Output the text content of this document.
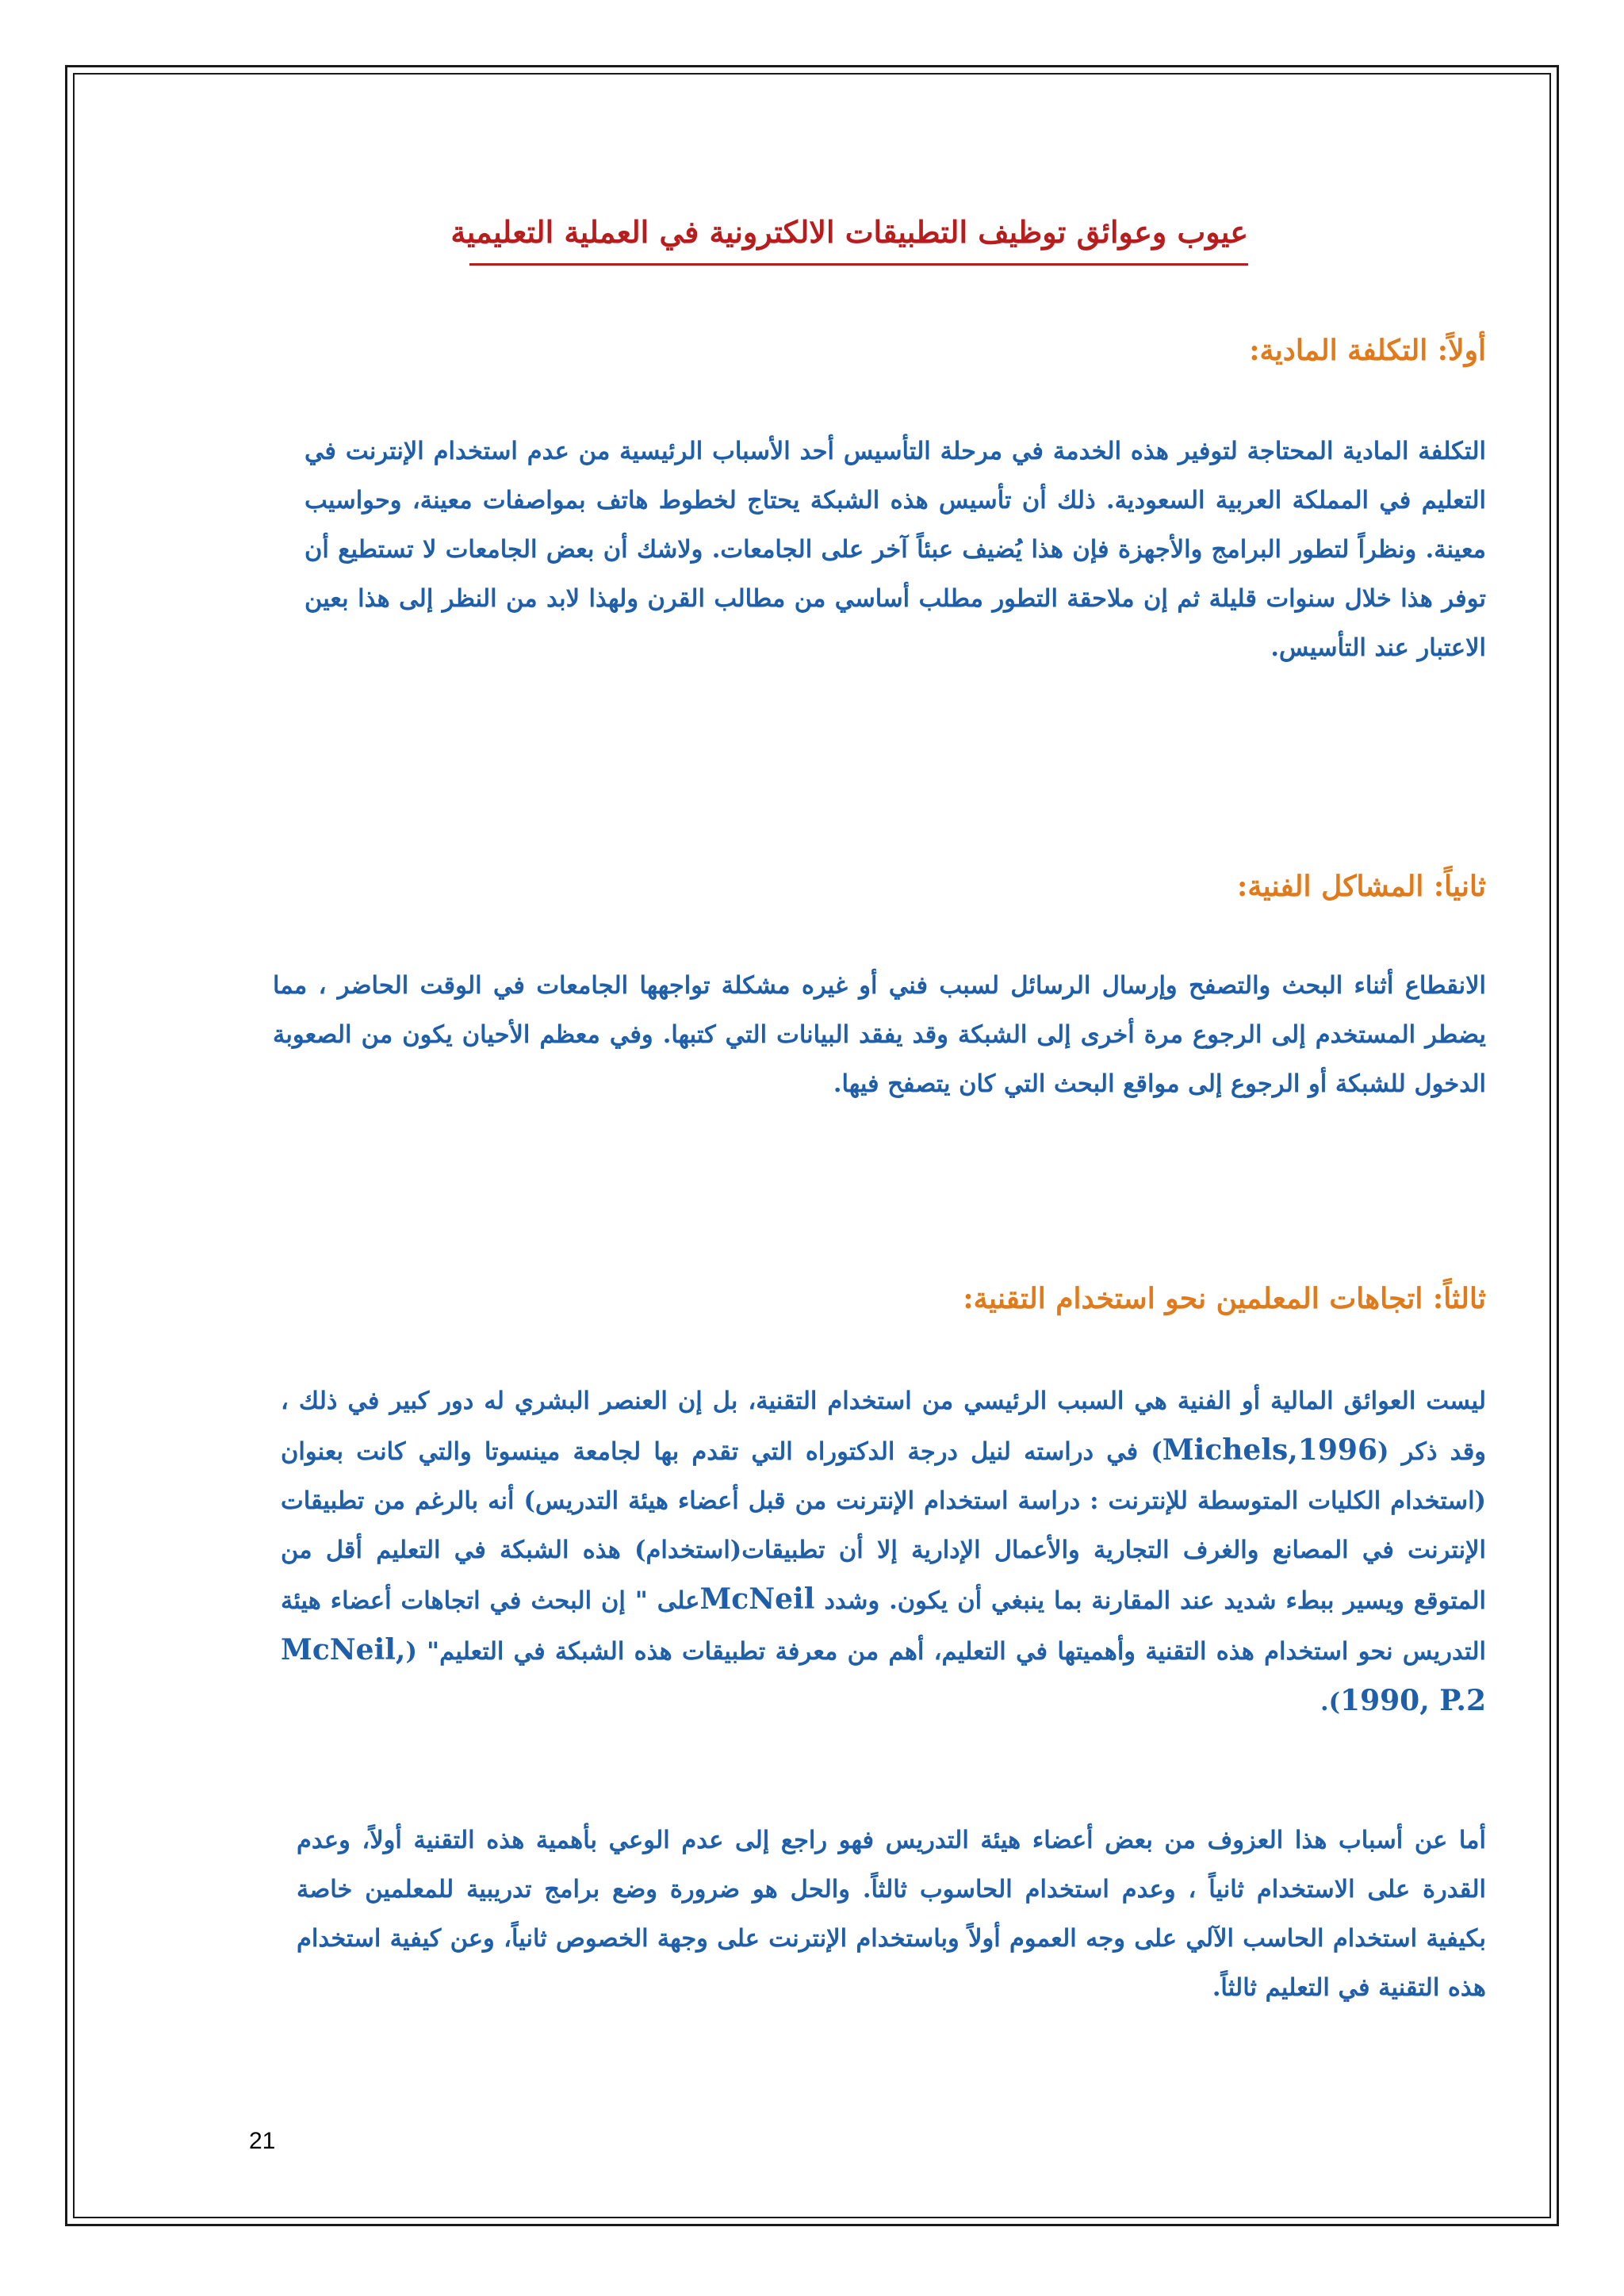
عيوب وعوائق توظيف التطبيقات الالكترونية في العملية التعليمية
أولاً: التكلفة المادية:
التكلفة المادية المحتاجة لتوفير هذه الخدمة في مرحلة التأسيس أحد الأسباب الرئيسية من عدم استخدام الإنترنت في التعليم في المملكة العربية السعودية. ذلك أن تأسيس هذه الشبكة يحتاج لخطوط هاتف بمواصفات معينة، وحواسيب معينة. ونظراً لتطور البرامج والأجهزة فإن هذا يُضيف عبئاً آخر على الجامعات. ولاشك أن بعض الجامعات لا تستطيع أن توفر هذا خلال سنوات قليلة ثم إن ملاحقة التطور مطلب أساسي من مطالب القرن ولهذا لابد من النظر إلى هذا بعين الاعتبار عند التأسيس.
ثانياً: المشاكل الفنية:
الانقطاع أثناء البحث والتصفح وإرسال الرسائل لسبب فني أو غيره مشكلة تواجهها الجامعات في الوقت الحاضر ، مما يضطر المستخدم إلى الرجوع مرة أخرى إلى الشبكة وقد يفقد البيانات التي كتبها. وفي معظم الأحيان يكون من الصعوبة الدخول للشبكة أو الرجوع إلى مواقع البحث التي كان يتصفح فيها.
ثالثاً: اتجاهات المعلمين نحو استخدام التقنية:
ليست العوائق المالية أو الفنية هي السبب الرئيسي من استخدام التقنية، بل إن العنصر البشري له دور كبير في ذلك ، وقد ذكر (Michels,1996) في دراسته لنيل درجة الدكتوراه التي تقدم بها لجامعة مينسوتا والتي كانت بعنوان (استخدام الكليات المتوسطة للإنترنت : دراسة استخدام الإنترنت من قبل أعضاء هيئة التدريس) أنه بالرغم من تطبيقات الإنترنت في المصانع والغرف التجارية والأعمال الإدارية إلا أن تطبيقات(استخدام) هذه الشبكة في التعليم أقل من المتوقع ويسير ببطء شديد عند المقارنة بما ينبغي أن يكون. وشدد McNeilعلى " إن البحث في اتجاهات أعضاء هيئة التدريس نحو استخدام هذه التقنية وأهميتها في التعليم، أهم من معرفة تطبيقات هذه الشبكة في التعليم" (McNeil, 1990, P.2).
أما عن أسباب هذا العزوف من بعض أعضاء هيئة التدريس فهو راجع إلى عدم الوعي بأهمية هذه التقنية أولاً، وعدم القدرة على الاستخدام ثانياً ، وعدم استخدام الحاسوب ثالثاً. والحل هو ضرورة وضع برامج تدريبية للمعلمين خاصة بكيفية استخدام الحاسب الآلي على وجه العموم أولاً وباستخدام الإنترنت على وجهة الخصوص ثانياً، وعن كيفية استخدام هذه التقنية في التعليم ثالثاً.
21
